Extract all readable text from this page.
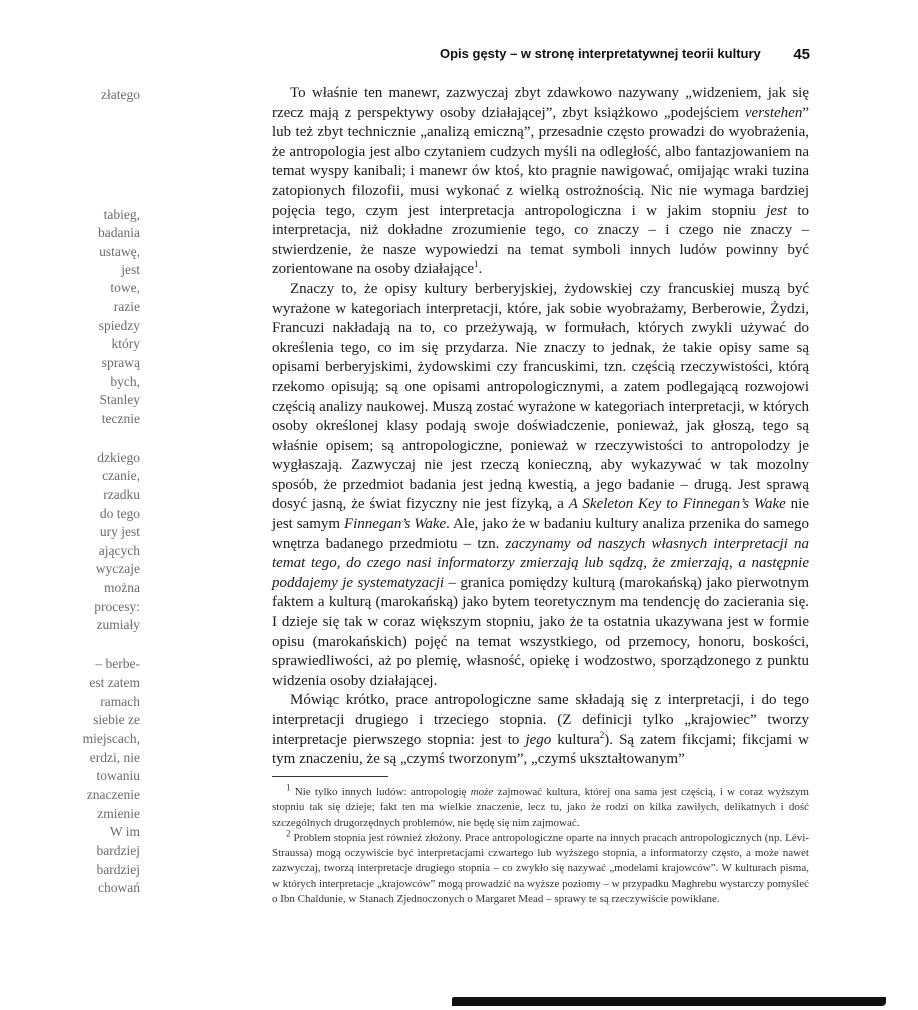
Opis gęsty – w stronę interpretatywnej teorii kultury 45
złatego
tabieg,
badania
ustawę,
jest
towe,
razie
spiedzy
który
sprawą
bych,
Stanley
tecznie
dzkiego
czanie,
rzadku
do tego
ury jest
ających
wyczaje
można
procesy:
zumiały
– berbe-
est zatem
ramach
siebie ze
miejscach,
erdzi, nie
towaniu
znaczenie
zmienie
W im
bardziej
bardziej
chowań

To właśnie ten manewr, zazwyczaj zbyt zdawkowo nazywany „widzeniem, jak się rzecz mają z perspektywy osoby działającej”, zbyt książkowo „podejściem verstehen” lub też zbyt technicznie „analizą emiczną”, przesadnie często prowadzi do wyobrażenia, że antropologia jest albo czytaniem cudzych myśli na odległość, albo fantazjowaniem na temat wyspy kanibali; i manewr ów ktoś, kto pragnie nawigować, omijając wraki tuzina zatopionych filozofii, musi wykonać z wielką ostrożnością. Nic nie wymaga bardziej pojęcia tego, czym jest interpretacja antropologiczna i w jakim stopniu jest to interpretacja, niż dokładne zrozumienie tego, co znaczy – i czego nie znaczy – stwierdzenie, że nasze wypowiedzi na temat symboli innych ludów powinny być zorientowane na osoby działające$^1$.

Znaczy to, że opisy kultury berberyjskiej, żydowskiej czy francuskiej muszą być wyrażone w kategoriach interpretacji, które, jak sobie wyobrażamy, Berberowie, Żydzi, Francuzi nakładają na to, co przeżywają, w formułach, których zwykli używać do określenia tego, co im się przydarza. Nie znaczy to jednak, że takie opisy same są opisami berberyjskimi, żydowskimi czy francuskimi, tzn. częścią rzeczywistości, którą rzekomo opisują; są one opisami antropologicznymi, a zatem podlegającą rozwojowi częścią analizy naukowej. Muszą zostać wyrażone w kategoriach interpretacji, w których osoby określonej klasy podają swoje doświadczenie, ponieważ, jak głoszą, tego są właśnie opisem; są antropologiczne, ponieważ w rzeczywistości to antropolodzy je wygłaszają. Zazwyczaj nie jest rzeczą konieczną, aby wykazywać w tak mozolny sposób, że przedmiot badania jest jedną kwestią, a jego badanie – drugą. Jest sprawą dosyć jasną, że świat fizyczny nie jest fizyką, a A Skeleton Key to Finnegan’s Wake nie jest samym Finnegan’s Wake. Ale, jako że w badaniu kultury analiza przenika do samego wnętrza badanego przedmiotu – tzn. zaczynamy od naszych własnych interpretacji na temat tego, do czego nasi informatorzy zmierzają lub sądzą, że zmierzają, a następnie poddajemy je systematyzacji – granica pomiędzy kulturą (marokańską) jako pierwotnym faktem a kulturą (marokańską) jako bytem teoretycznym ma tendencję do zacierania się. I dzieje się tak w coraz większym stopniu, jako że ta ostatnia ukazywana jest w formie opisu (marokańskich) pojęć na temat wszystkiego, od przemocy, honoru, boskości, sprawiedliwości, aż po plemię, własność, opiekę i wodzostwo, sporządzonego z punktu widzenia osoby działającej.

Mówiąc krótko, prace antropologiczne same składają się z interpretacji, i do tego interpretacji drugiego i trzeciego stopnia. (Z definicji tylko „krajowiec” tworzy interpretacje pierwszego stopnia: jest to jego kultura$^2$). Są zatem fikcjami; fikcjami w tym znaczeniu, że są „czymś tworzonym”, „czymś ukształtowanym”

$^1$ Nie tylko innych ludów: antropologię może zajmować kultura, której ona sama jest częścią, i w coraz wyższym stopniu tak się dzieje; fakt ten ma wielkie znaczenie, lecz tu, jako że rodzi on kilka zawiłych, delikatnych i dość szczególnych drugorzędnych problemów, nie będę się nim zajmować.

$^2$ Problem stopnia jest również złożony. Prace antropologiczne oparte na innych pracach antropologicznych (np. Lévi-Straussa) mogą oczywiście być interpretacjami czwartego lub wyższego stopnia, a informatorzy często, a może nawet zazwyczaj, tworzą interpretacje drugiego stopnia – co zwykło się nazywać „modelami krajowców”. W kulturach pisma, w których interpretacje „krajowców” mogą prowadzić na wyższe poziomy – w przypadku Maghrebu wystarczy pomyśleć o Ibn Chaldunie, w Stanach Zjednoczonych o Margaret Mead – sprawy te są rzeczywiście powikłane.
